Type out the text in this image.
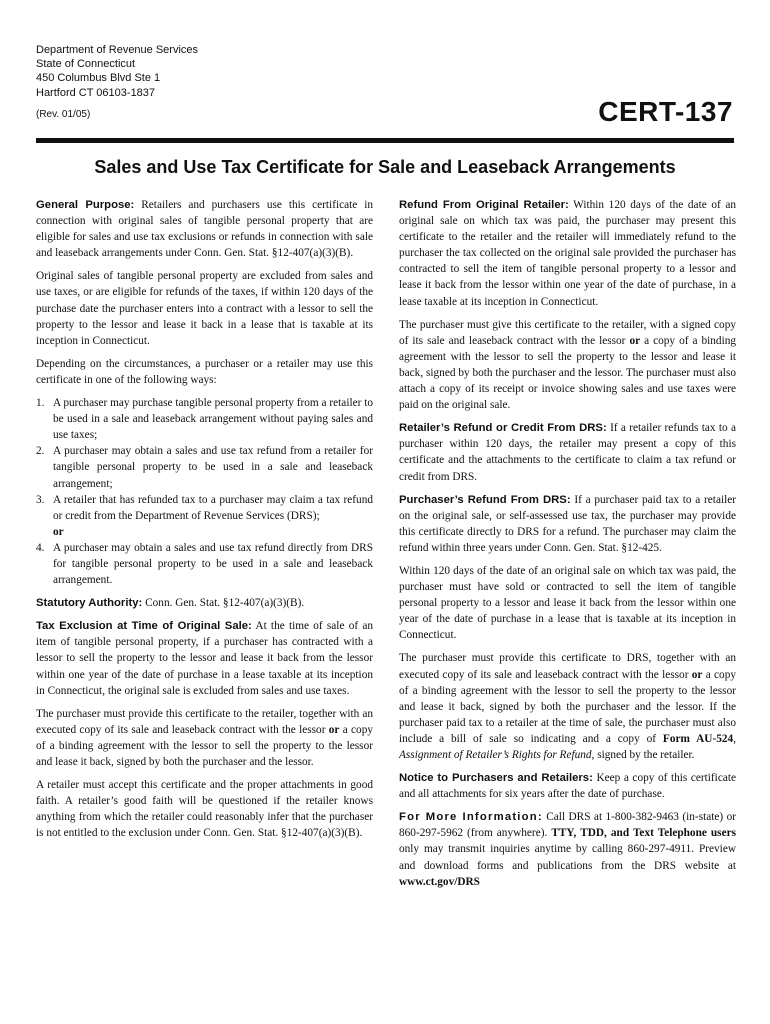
Department of Revenue Services
State of Connecticut
450 Columbus Blvd Ste 1
Hartford CT 06103-1837
(Rev. 01/05)	CERT-137
Sales and Use Tax Certificate for Sale and Leaseback Arrangements

General Purpose: Retailers and purchasers use this certificate in connection with original sales of tangible personal property that are eligible for sales and use tax exclusions or refunds in connection with sale and leaseback arrangements under Conn. Gen. Stat. §12-407(a)(3)(B).

Original sales of tangible personal property are excluded from sales and use taxes, or are eligible for refunds of the taxes, if within 120 days of the purchase date the purchaser enters into a contract with a lessor to sell the property to the lessor and lease it back in a lease that is taxable at its inception in Connecticut.

Depending on the circumstances, a purchaser or a retailer may use this certificate in one of the following ways:

1. A purchaser may purchase tangible personal property from a retailer to be used in a sale and leaseback arrangement without paying sales and use taxes;
2. A purchaser may obtain a sales and use tax refund from a retailer for tangible personal property to be used in a sale and leaseback arrangement;
3. A retailer that has refunded tax to a purchaser may claim a tax refund or credit from the Department of Revenue Services (DRS);
or
4. A purchaser may obtain a sales and use tax refund directly from DRS for tangible personal property to be used in a sale and leaseback arrangement.

Statutory Authority: Conn. Gen. Stat. §12-407(a)(3)(B).

Tax Exclusion at Time of Original Sale: At the time of sale of an item of tangible personal property, if a purchaser has contracted with a lessor to sell the property to the lessor and lease it back from the lessor within one year of the date of purchase in a lease taxable at its inception in Connecticut, the original sale is excluded from sales and use taxes.

The purchaser must provide this certificate to the retailer, together with an executed copy of its sale and leaseback contract with the lessor or a copy of a binding agreement with the lessor to sell the property to the lessor and lease it back, signed by both the purchaser and the lessor.

A retailer must accept this certificate and the proper attachments in good faith. A retailer’s good faith will be questioned if the retailer knows anything from which the retailer could reasonably infer that the purchaser is not entitled to the exclusion under Conn. Gen. Stat. §12-407(a)(3)(B).

Refund From Original Retailer: Within 120 days of the date of an original sale on which tax was paid, the purchaser may present this certificate to the retailer and the retailer will immediately refund to the purchaser the tax collected on the original sale provided the purchaser has contracted to sell the item of tangible personal property to a lessor and lease it back from the lessor within one year of the date of purchase, in a lease taxable at its inception in Connecticut.

The purchaser must give this certificate to the retailer, with a signed copy of its sale and leaseback contract with the lessor or a copy of a binding agreement with the lessor to sell the property to the lessor and lease it back, signed by both the purchaser and the lessor. The purchaser must also attach a copy of its receipt or invoice showing sales and use taxes were paid on the original sale.

Retailer’s Refund or Credit From DRS: If a retailer refunds tax to a purchaser within 120 days, the retailer may present a copy of this certificate and the attachments to the certificate to claim a tax refund or credit from DRS.

Purchaser’s Refund From DRS: If a purchaser paid tax to a retailer on the original sale, or self-assessed use tax, the purchaser may provide this certificate directly to DRS for a refund. The purchaser may claim the refund within three years under Conn. Gen. Stat. §12-425.

Within 120 days of the date of an original sale on which tax was paid, the purchaser must have sold or contracted to sell the item of tangible personal property to a lessor and lease it back from the lessor within one year of the date of purchase in a lease that is taxable at its inception in Connecticut.

The purchaser must provide this certificate to DRS, together with an executed copy of its sale and leaseback contract with the lessor or a copy of a binding agreement with the lessor to sell the property to the lessor and lease it back, signed by both the purchaser and the lessor. If the purchaser paid tax to a retailer at the time of sale, the purchaser must also include a bill of sale so indicating and a copy of Form AU-524, Assignment of Retailer’s Rights for Refund, signed by the retailer.

Notice to Purchasers and Retailers: Keep a copy of this certificate and all attachments for six years after the date of purchase.

For More Information: Call DRS at 1-800-382-9463 (in-state) or 860-297-5962 (from anywhere). TTY, TDD, and Text Telephone users only may transmit inquiries anytime by calling 860-297-4911. Preview and download forms and publications from the DRS website at www.ct.gov/DRS
